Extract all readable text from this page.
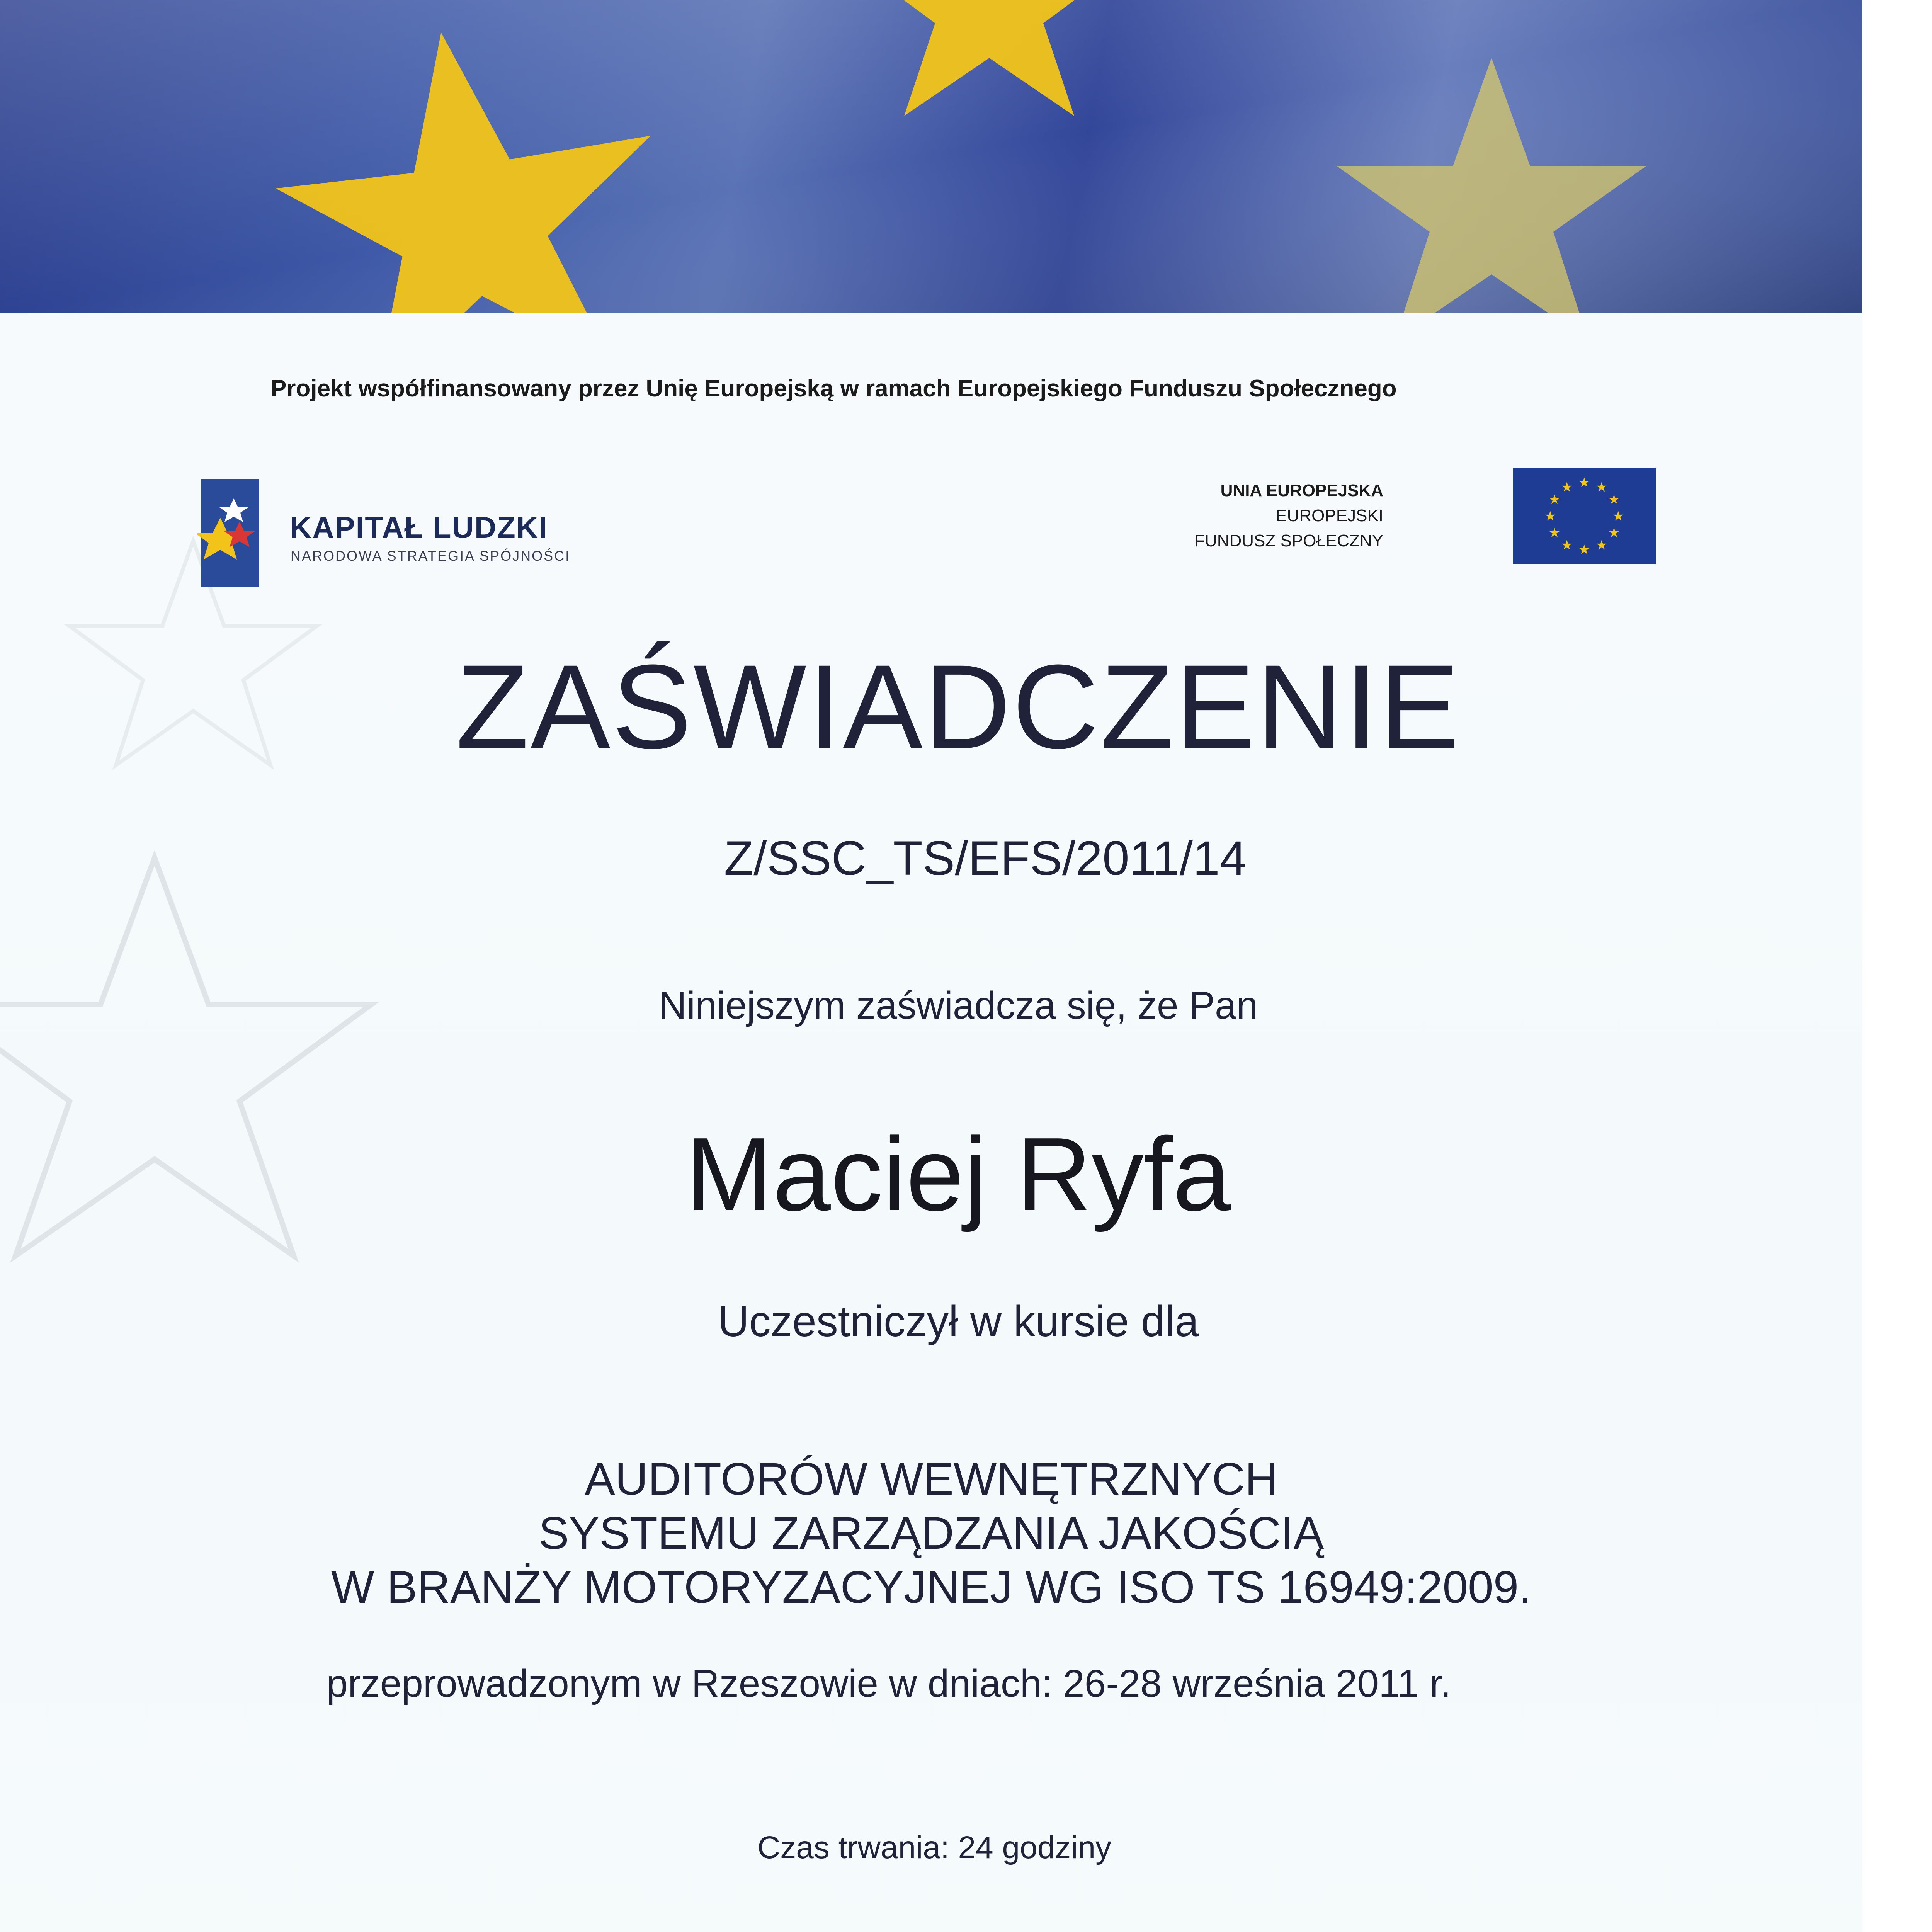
Projekt współfinansowany przez Unię Europejską w ramach Europejskiego Funduszu Społecznego
KAPITAŁ LUDZKI
NARODOWA STRATEGIA SPÓJNOŚCI
UNIA EUROPEJSKA
EUROPEJSKI
FUNDUSZ SPOŁECZNY
★ ★
★
★
★
★
★
★
★
★
★
★
ZAŚWIADCZENIE
Z/SSC_TS/EFS/2011/14
Niniejszym zaświadcza się, że Pan
Maciej Ryfa
Uczestniczył w kursie dla
AUDITORÓW WEWNĘTRZNYCH
SYSTEMU ZARZĄDZANIA JAKOŚCIĄ
W BRANŻY MOTORYZACYJNEJ WG ISO TS 16949:2009.
przeprowadzonym w Rzeszowie w dniach: 26-28 września 2011 r.
Czas trwania: 24 godziny
